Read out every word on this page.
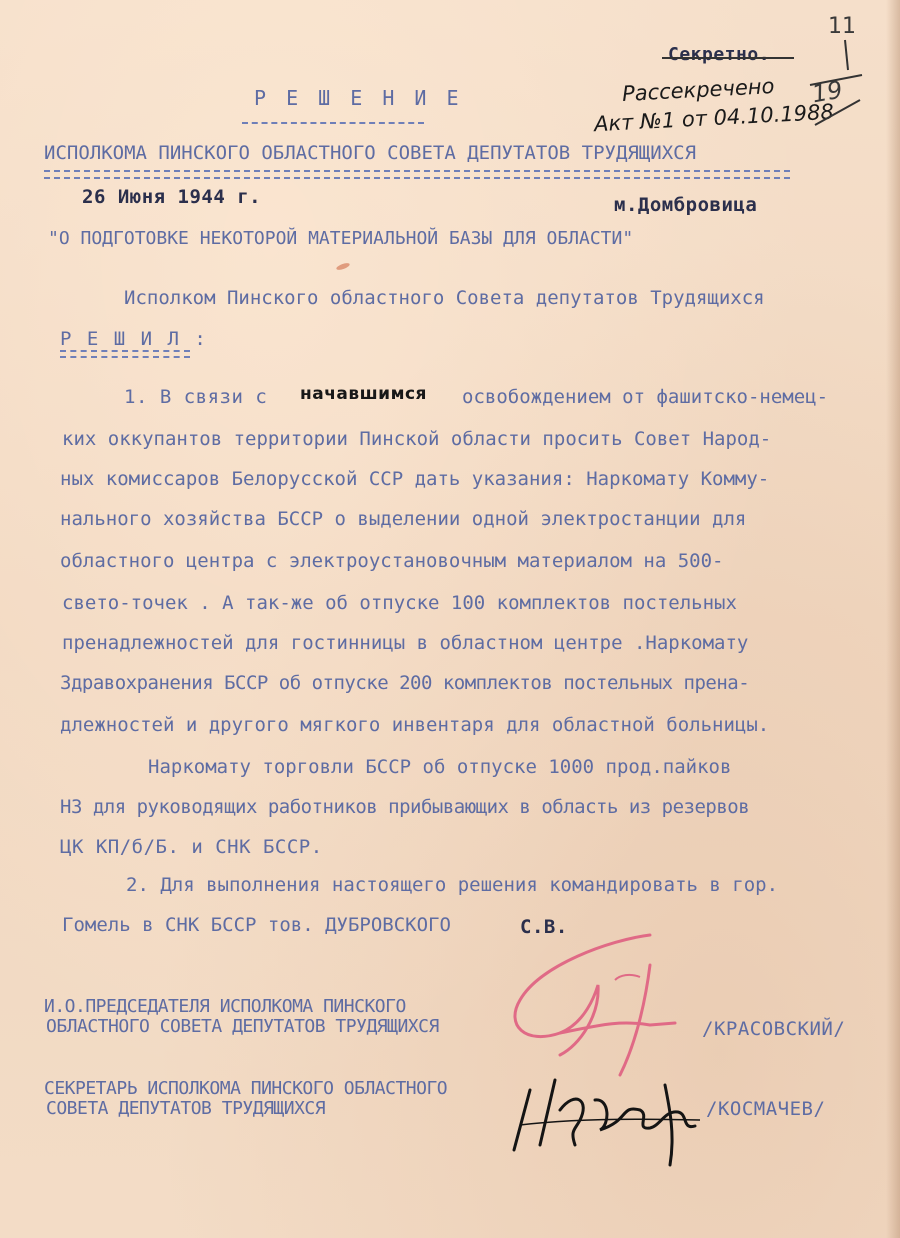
Секретно.
Рассекречено
Акт №1 от 04.10.1988
11
19
Р Е Ш Е Н И Е
ИСПОЛКОМА ПИНСКОГО ОБЛАСТНОГО СОВЕТА ДЕПУТАТОВ ТРУДЯЩИХСЯ
26 Июня 1944 г.	м.Домбровица
"О ПОДГОТОВКЕ НЕКОТОРОЙ МАТЕРИАЛЬНОЙ БАЗЫ ДЛЯ ОБЛАСТИ"
Исполком Пинского областного Совета депутатов Трудящихся
Р Е Ш И Л :
1. В связи с начавшимся освобождением от фашитско-немец-
ких оккупантов территории Пинской области просить Совет Народ-
ных комиссаров Белорусской ССР дать указания: Наркомату Комму-
нального хозяйства БССР о выделении одной электростанции для
областного центра с электроустановочным материалом на 500-
свето-точек . А так-же об отпуске 100 комплектов постельных
пренадлежностей для гостинницы в областном центре .Наркомату
Здравохранения БССР об отпуске 200 комплектов постельных прена-
длежностей и другого мягкого инвентаря для областной больницы.
Наркомату торговли БССР об отпуске 1000 прод.пайков
НЗ для руководящих работников прибывающих в область из резервов
ЦК КП/б/Б. и СНК БССР.
2. Для выполнения настоящего решения командировать в гор.
Гомель в СНК БССР тов. ДУБРОВСКОГО	С.В.
И.О.ПРЕДСЕДАТЕЛЯ ИСПОЛКОМА ПИНСКОГО
ОБЛАСТНОГО СОВЕТА ДЕПУТАТОВ ТРУДЯЩИХСЯ	/КРАСОВСКИЙ/
СЕКРЕТАРЬ ИСПОЛКОМА ПИНСКОГО ОБЛАСТНОГО
СОВЕТА ДЕПУТАТОВ ТРУДЯЩИХСЯ	/КОСМАЧЕВ/
